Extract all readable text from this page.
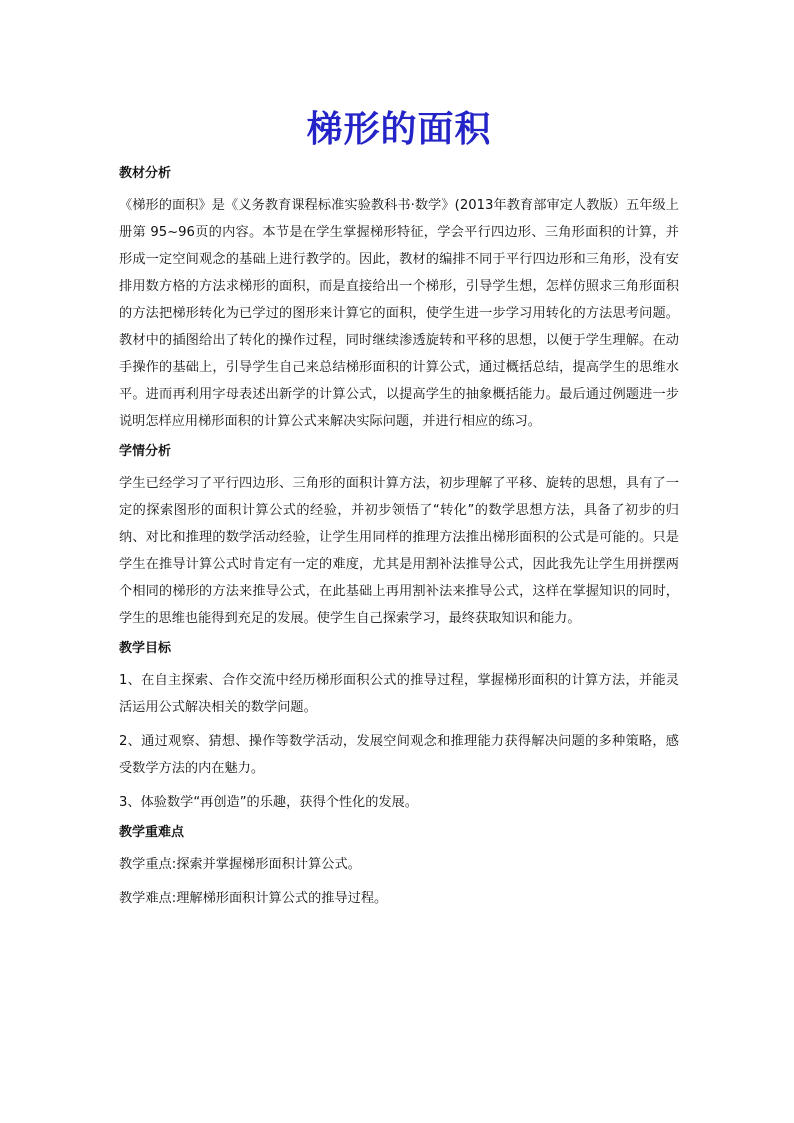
梯形的面积

教材分析

《梯形的面积》是《义务教育课程标准实验教科书·数学》(2013年教育部审定人教版）五年级上册第 95~96页的内容。本节是在学生掌握梯形特征，学会平行四边形、三角形面积的计算，并形成一定空间观念的基础上进行教学的。因此，教材的编排不同于平行四边形和三角形，没有安排用数方格的方法求梯形的面积，而是直接给出一个梯形，引导学生想，怎样仿照求三角形面积的方法把梯形转化为已学过的图形来计算它的面积，使学生进一步学习用转化的方法思考问题。教材中的插图给出了转化的操作过程，同时继续渗透旋转和平移的思想，以便于学生理解。在动手操作的基础上，引导学生自己来总结梯形面积的计算公式，通过概括总结，提高学生的思维水平。进而再利用字母表述出新学的计算公式，以提高学生的抽象概括能力。最后通过例题进一步说明怎样应用梯形面积的计算公式来解决实际问题，并进行相应的练习。

学情分析

学生已经学习了平行四边形、三角形的面积计算方法，初步理解了平移、旋转的思想，具有了一定的探索图形的面积计算公式的经验，并初步领悟了“转化”的数学思想方法，具备了初步的归纳、对比和推理的数学活动经验，让学生用同样的推理方法推出梯形面积的公式是可能的。只是学生在推导计算公式时肯定有一定的难度，尤其是用割补法推导公式，因此我先让学生用拼摆两个相同的梯形的方法来推导公式，在此基础上再用割补法来推导公式，这样在掌握知识的同时，学生的思维也能得到充足的发展。使学生自己探索学习，最终获取知识和能力。

教学目标

1、在自主探索、合作交流中经历梯形面积公式的推导过程，掌握梯形面积的计算方法，并能灵活运用公式解决相关的数学问题。

2、通过观察、猜想、操作等数学活动，发展空间观念和推理能力获得解决问题的多种策略，感受数学方法的内在魅力。

3、体验数学“再创造”的乐趣，获得个性化的发展。

教学重难点

教学重点:探索并掌握梯形面积计算公式。

教学难点:理解梯形面积计算公式的推导过程。
